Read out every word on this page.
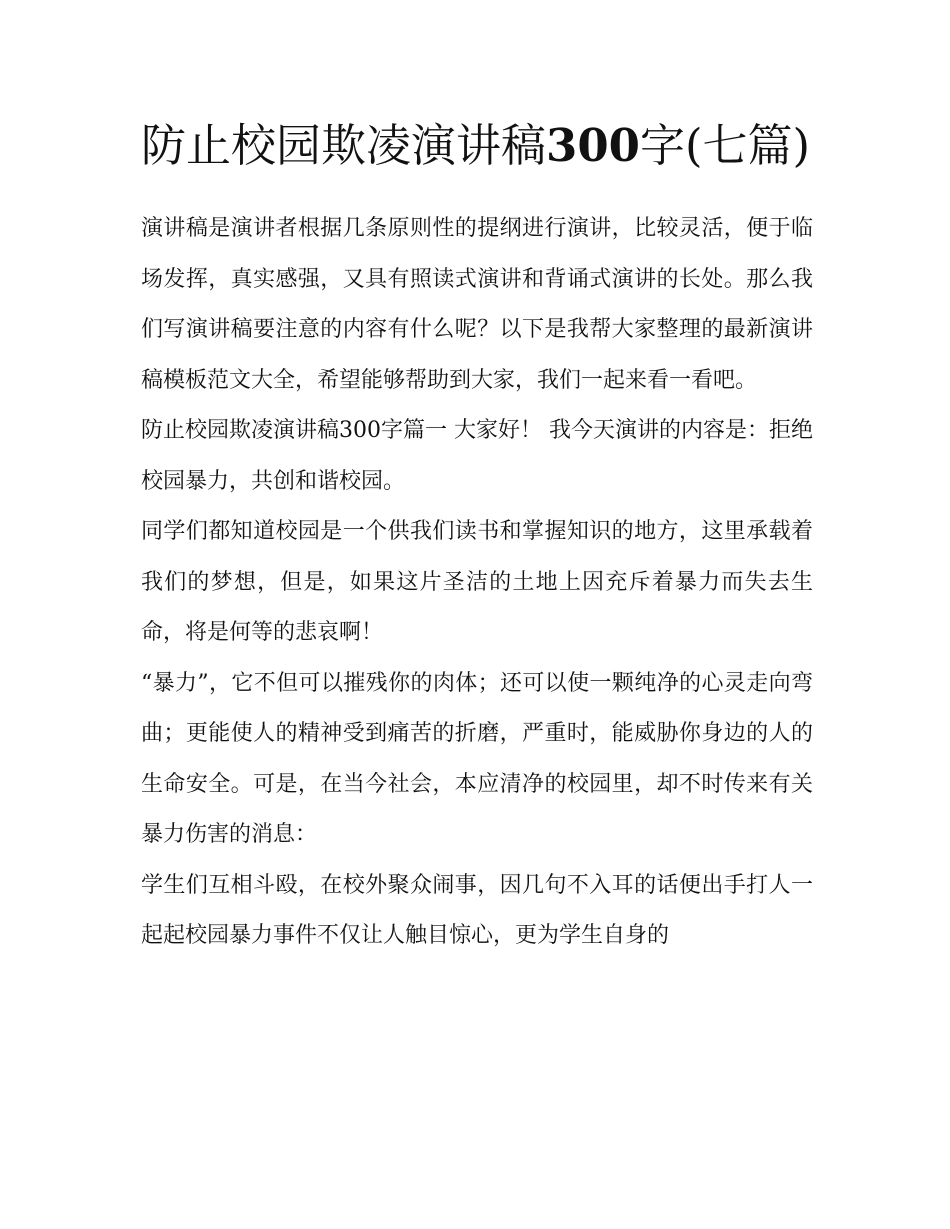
防止校园欺凌演讲稿300字(七篇)

演讲稿是演讲者根据几条原则性的提纲进行演讲，比较灵活，便于临场发挥，真实感强，又具有照读式演讲和背诵式演讲的长处。那么我们写演讲稿要注意的内容有什么呢？以下是我帮大家整理的最新演讲稿模板范文大全，希望能够帮助到大家，我们一起来看一看吧。

防止校园欺凌演讲稿300字篇一 大家好！ 我今天演讲的内容是：拒绝校园暴力，共创和谐校园。

同学们都知道校园是一个供我们读书和掌握知识的地方，这里承载着我们的梦想，但是，如果这片圣洁的土地上因充斥着暴力而失去生命，将是何等的悲哀啊！

“暴力”，它不但可以摧残你的肉体；还可以使一颗纯净的心灵走向弯曲；更能使人的精神受到痛苦的折磨，严重时，能威胁你身边的人的生命安全。可是，在当今社会，本应清净的校园里，却不时传来有关暴力伤害的消息：

学生们互相斗殴，在校外聚众闹事，因几句不入耳的话便出手打人一起起校园暴力事件不仅让人触目惊心，更为学生自身的
